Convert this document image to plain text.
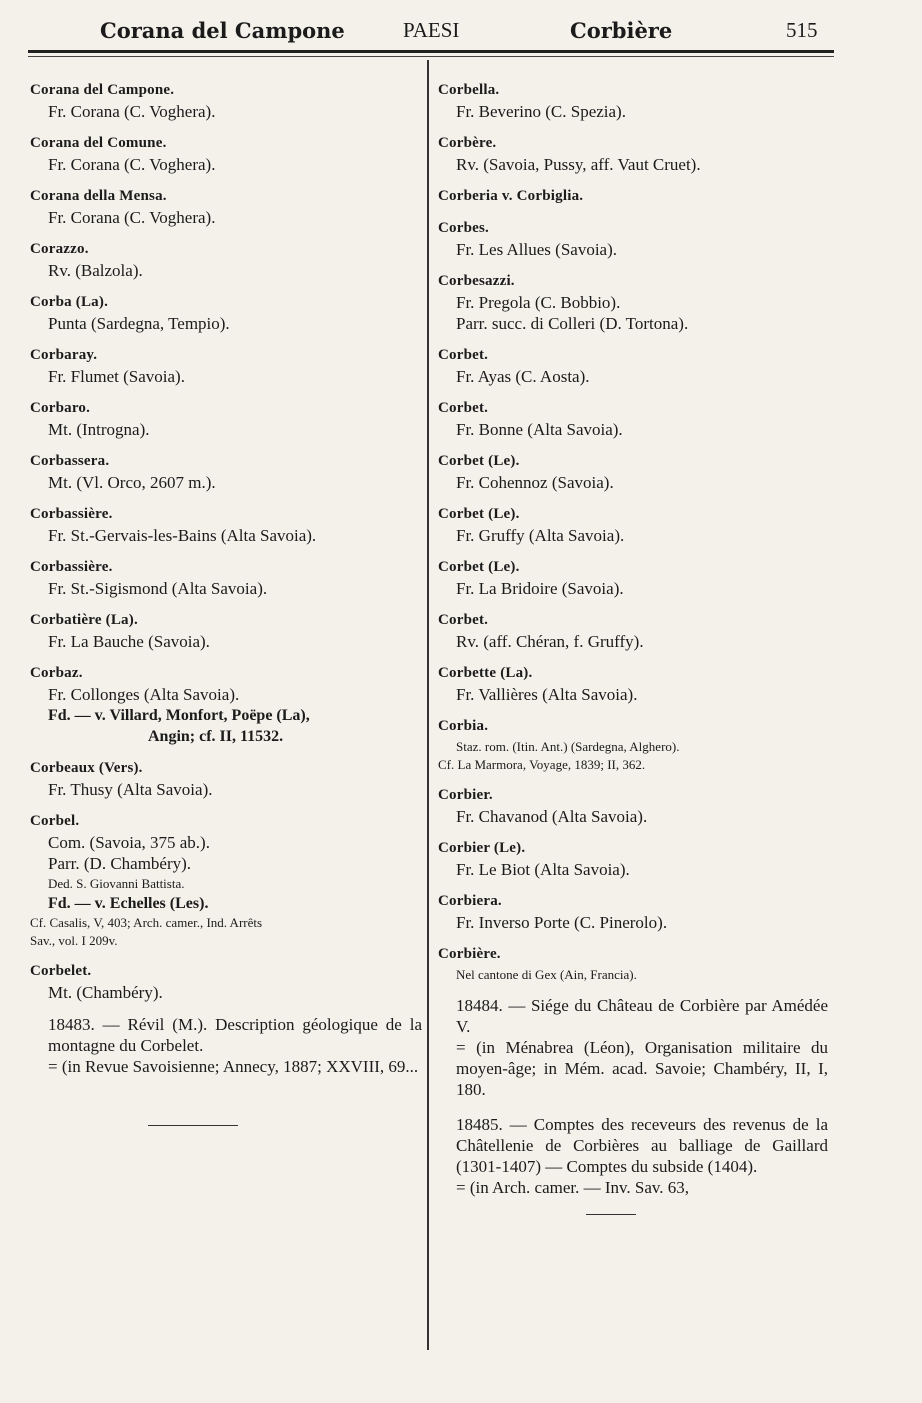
Corana del Campone	PAESI	Corbière	515
Corana del Campone.
Fr. Corana (C. Voghera).
Corana del Comune.
Fr. Corana (C. Voghera).
Corana della Mensa.
Fr. Corana (C. Voghera).
Corazzo.
Rv. (Balzola).
Corba (La).
Punta (Sardegna, Tempio).
Corbaray.
Fr. Flumet (Savoia).
Corbaro.
Mt. (Introgna).
Corbassera.
Mt. (Vl. Orco, 2607 m.).
Corbassière.
Fr. St.-Gervais-les-Bains (Alta Savoia).
Corbassière.
Fr. St.-Sigismond (Alta Savoia).
Corbatière (La).
Fr. La Bauche (Savoia).
Corbaz.
Fr. Collonges (Alta Savoia).
Fd. — v. Villard, Monfort, Poëpe (La),
Angin; cf. II, 11532.
Corbeaux (Vers).
Fr. Thusy (Alta Savoia).
Corbel.
Com. (Savoia, 375 ab.).
Parr. (D. Chambéry).
Ded. S. Giovanni Battista.
Fd. — v. Echelles (Les).
Cf. Casalis, V, 403; Arch. camer., Ind. Arrêts
Sav., vol. I 209v.
Corbelet.
Mt. (Chambéry).
18483. — Révil (M.). Description géologique de la montagne du Corbelet.
= (in Revue Savoisienne; Annecy, 1887; XXVIII, 69...
Corbella.
Fr. Beverino (C. Spezia).
Corbère.
Rv. (Savoia, Pussy, aff. Vaut Cruet).
Corberia v. Corbiglia.
Corbes.
Fr. Les Allues (Savoia).
Corbesazzi.
Fr. Pregola (C. Bobbio).
Parr. succ. di Colleri (D. Tortona).
Corbet.
Fr. Ayas (C. Aosta).
Corbet.
Fr. Bonne (Alta Savoia).
Corbet (Le).
Fr. Cohennoz (Savoia).
Corbet (Le).
Fr. Gruffy (Alta Savoia).
Corbet (Le).
Fr. La Bridoire (Savoia).
Corbet.
Rv. (aff. Chéran, f. Gruffy).
Corbette (La).
Fr. Vallières (Alta Savoia).
Corbia.
Staz. rom. (Itin. Ant.) (Sardegna, Alghero).
Cf. La Marmora, Voyage, 1839; II, 362.
Corbier.
Fr. Chavanod (Alta Savoia).
Corbier (Le).
Fr. Le Biot (Alta Savoia).
Corbiera.
Fr. Inverso Porte (C. Pinerolo).
Corbière.
Nel cantone di Gex (Ain, Francia).
18484. — Siége du Château de Corbière par Amédée V.
= (in Ménabrea (Léon), Organisation militaire du moyen-âge; in Mém. acad. Savoie; Chambéry, II, I, 180.
18485. — Comptes des receveurs des revenus de la Châtellenie de Corbières au balliage de Gaillard (1301-1407) — Comptes du subside (1404).
= (in Arch. camer. — Inv. Sav. 63,
